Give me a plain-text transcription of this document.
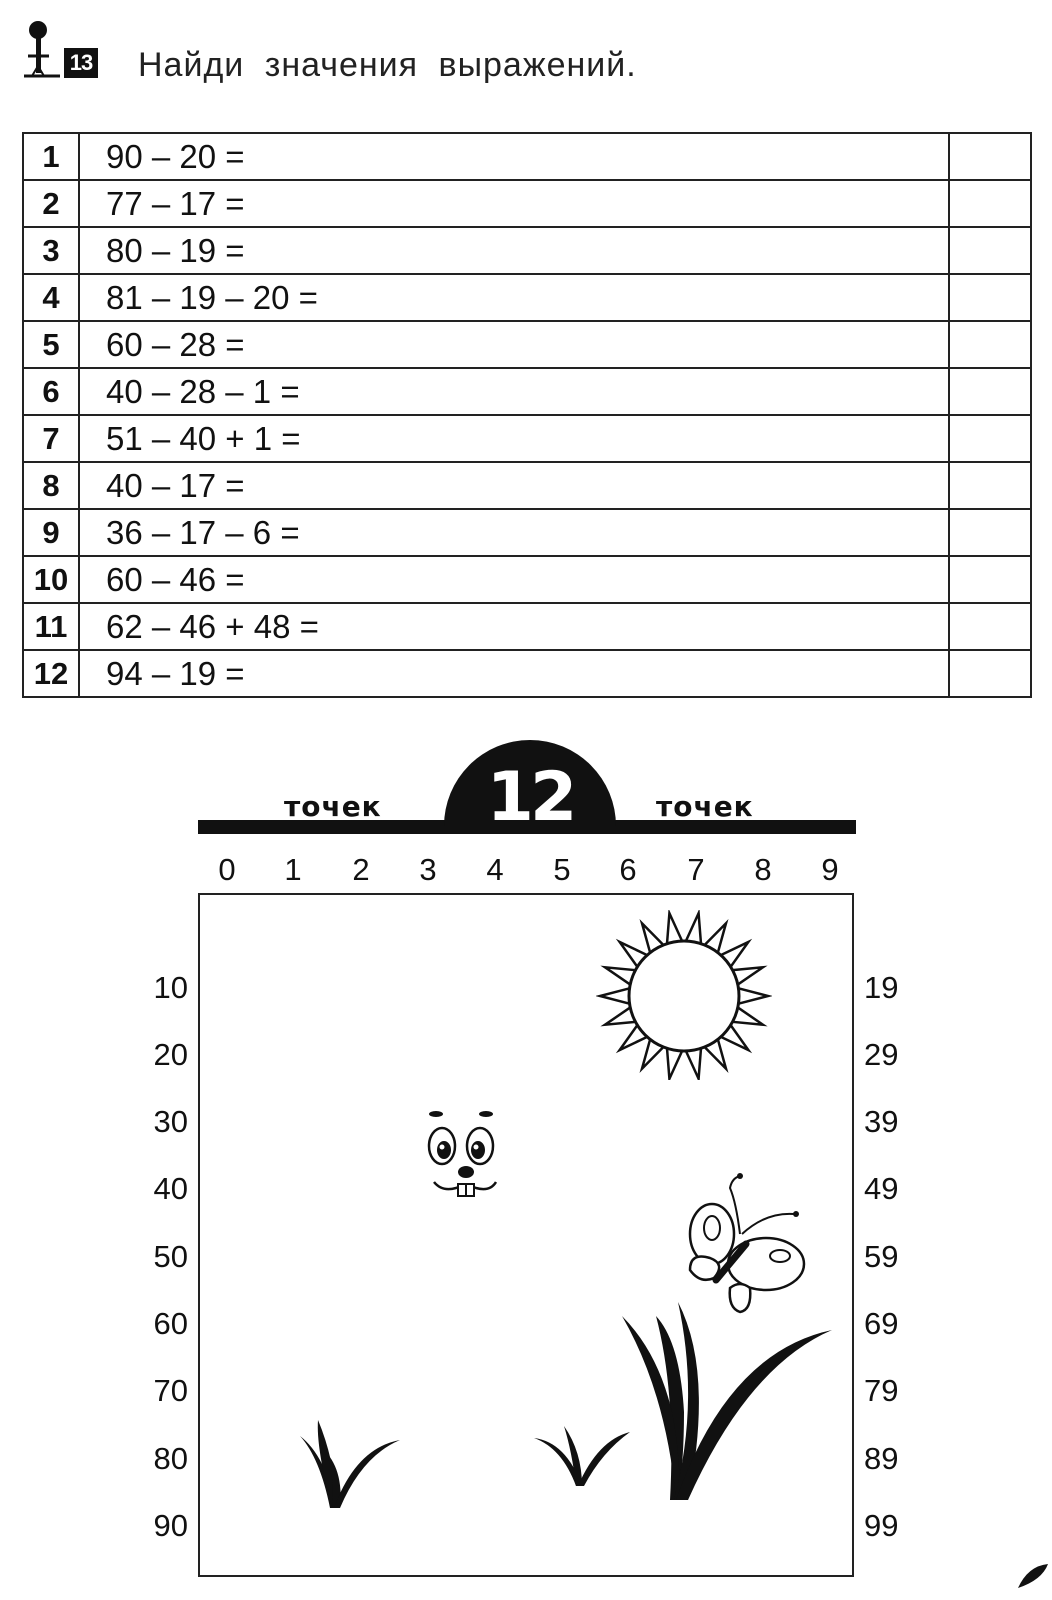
13 Найди значения выражений.
1	90 – 20 =	
2	77 – 17 =	
3	80 – 19 =	
4	81 – 19 – 20 =	
5	60 – 28 =	
6	40 – 28 – 1 =	
7	51 – 40 + 1 =	
8	40 – 17 =	
9	36 – 17 – 6 =	
10	60 – 46 =	
11	62 – 46 + 48 =	
12	94 – 19 =	
точек	12	точек
0	1	2	3	4	5	6	7	8	9
10
20
30
40
50
60
70
80
90
19
29
39
49
59
69
79
89
99
